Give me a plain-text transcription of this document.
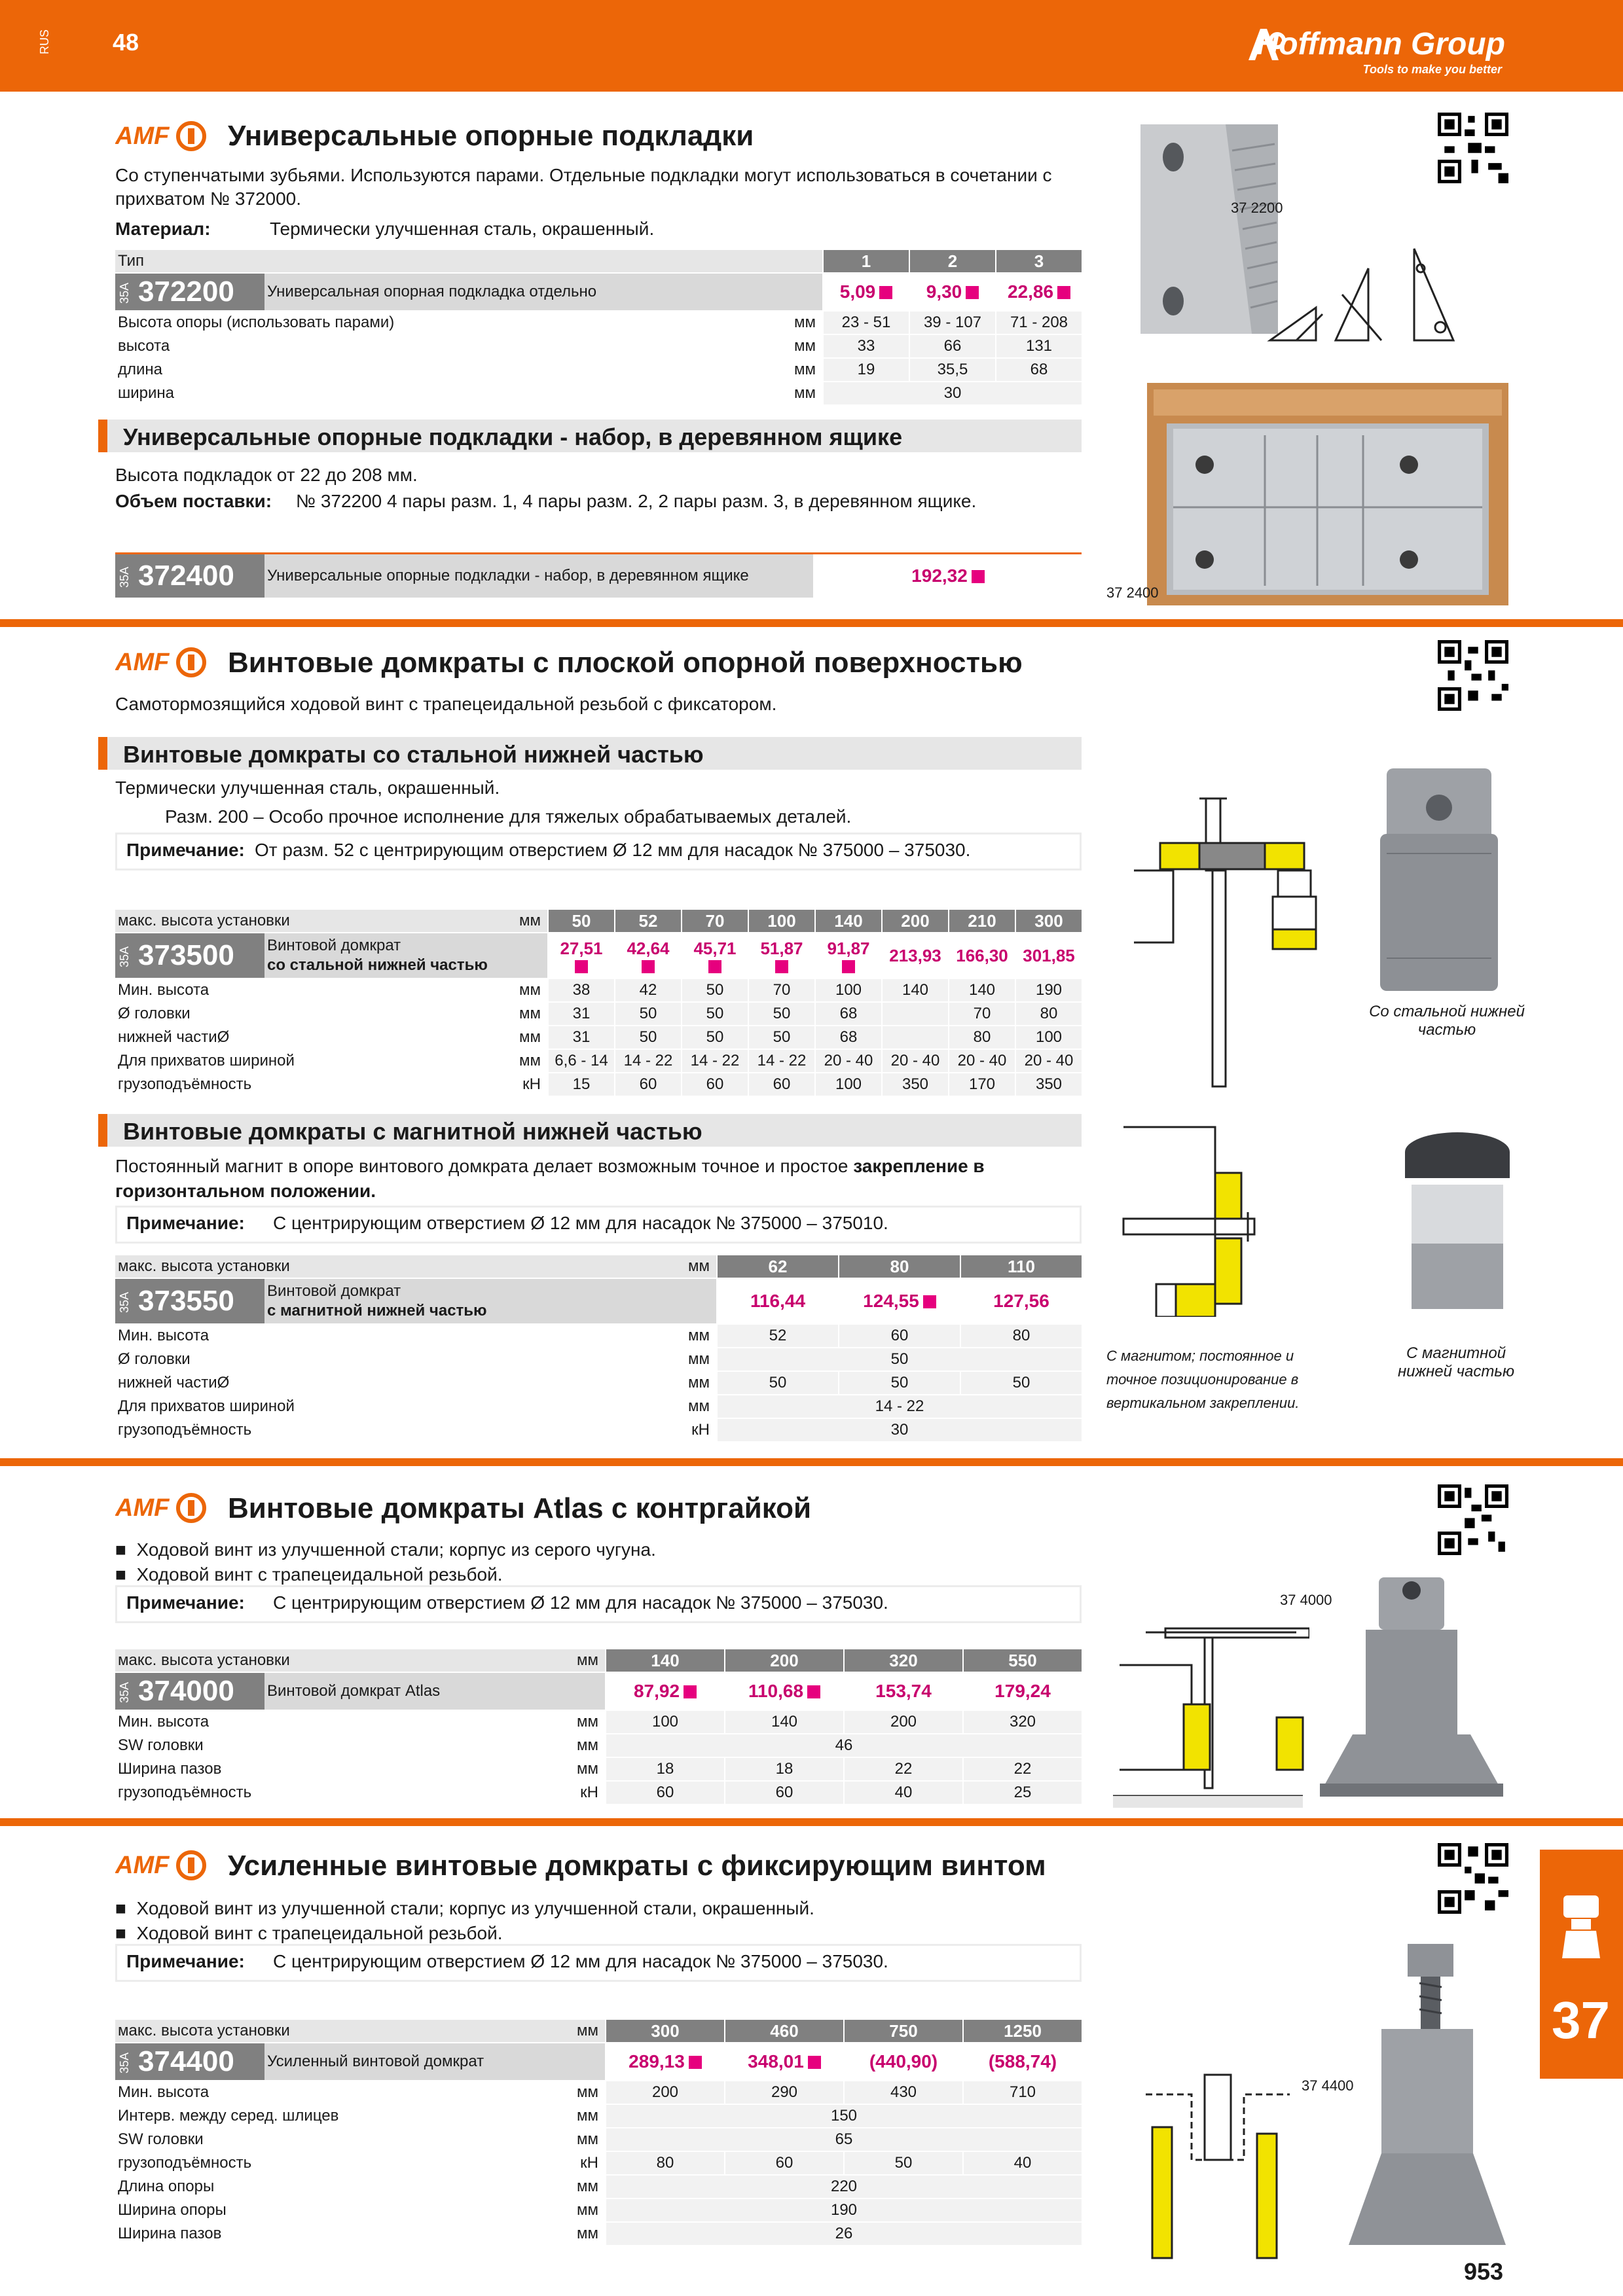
RUS	48	Hoffmann Group
Tools to make you better
AMF Универсальные опорные подкладки
Со ступенчатыми зубьями. Используются парами. Отдельные подкладки могут использоваться в сочетании с
прихватом № 372000.
Материал:	Термически улучшенная сталь, окрашенный.
Тип			1	2	3
35A 372200	Универсальная опорная подкладка отдельно		5,09	9,30	22,86
Высота опоры (использовать парами)		мм	23 - 51	39 - 107	71 - 208
высота		мм	33	66	131
длина		мм	19	35,5	68
ширина		мм	30		
37 2200
Универсальные опорные подкладки - набор, в деревянном ящике
Высота подкладок от 22 до 208 мм.
Объем поставки: № 372200 4 пары разм. 1, 4 пары разм. 2, 2 пары разм. 3, в деревянном ящике.
35A 372400	Универсальные опорные подкладки - набор, в деревянном ящике	192,32
37 2400
AMF Винтовые домкраты с плоской опорной поверхностью
Самотормозящийся ходовой винт с трапецеидальной резьбой с фиксатором.
Винтовые домкраты со стальной нижней частью
Термически улучшенная сталь, окрашенный.
Разм. 200 – Особо прочное исполнение для тяжелых обрабатываемых деталей.
Примечание: От разм. 52 с центрирующим отверстием Ø 12 мм для насадок № 375000 – 375030.
макс. высота установки		мм	50	52	70	100	140	200	210	300
35A 373500	Винтовой домкрат
со стальной нижней частью		27,51	42,64	45,71	51,87	91,87	213,93	166,30	301,85
Мин. высота		мм	38	42	50	70	100	140	140	190
Ø головки		мм	31	50	50	50	68		70	80
нижней частиØ		мм	31	50	50	50	68		80	100
Для прихватов шириной		мм	6,6 - 14	14 - 22	14 - 22	14 - 22	20 - 40	20 - 40	20 - 40	20 - 40
грузоподъёмность		кН	15	60	60	60	100	350	170	350
Со стальной нижней частью
Винтовые домкраты с магнитной нижней частью
Постоянный магнит в опоре винтового домкрата делает возможным точное и простое закрепление в
горизонтальном положении.
Примечание: С центрирующим отверстием Ø 12 мм для насадок № 375000 – 375010.
макс. высота установки		мм	62	80	110
35A 373550	Винтовой домкрат
с магнитной нижней частью		116,44	124,55	127,56
Мин. высота		мм	52	60	80
Ø головки		мм	50		
нижней частиØ		мм	50	50	50
Для прихватов шириной		мм	14 - 22		
грузоподъёмность		кН	30		
С магнитом; постоянное и точное позиционирование в вертикальном закреплении.
С магнитной нижней частью
AMF Винтовые домкраты Atlas с контргайкой
■  Ходовой винт из улучшенной стали; корпус из серого чугуна.
■  Ходовой винт с трапецеидальной резьбой.
Примечание: С центрирующим отверстием Ø 12 мм для насадок № 375000 – 375030.
макс. высота установки		мм	140	200	320	550
35A 374000	Винтовой домкрат Atlas		87,92	110,68	153,74	179,24
Мин. высота		мм	100	140	200	320
SW головки		мм	46			
Ширина пазов		мм	18	18	22	22
грузоподъёмность		кН	60	60	40	25
37 4000
AMF Усиленные винтовые домкраты с фиксирующим винтом
■  Ходовой винт из улучшенной стали; корпус из улучшенной стали, окрашенный.
■  Ходовой винт с трапецеидальной резьбой.
Примечание: С центрирующим отверстием Ø 12 мм для насадок № 375000 – 375030.
макс. высота установки		мм	300	460	750	1250
35A 374400	Усиленный винтовой домкрат		289,13	348,01	(440,90)	(588,74)
Мин. высота		мм	200	290	430	710
Интерв. между серед. шлицев		мм	150			
SW головки		мм	65			
грузоподъёмность		кН	80	60	50	40
Длина опоры		мм	220			
Ширина опоры		мм	190			
Ширина пазов		мм	26			
37 4400
37
953
